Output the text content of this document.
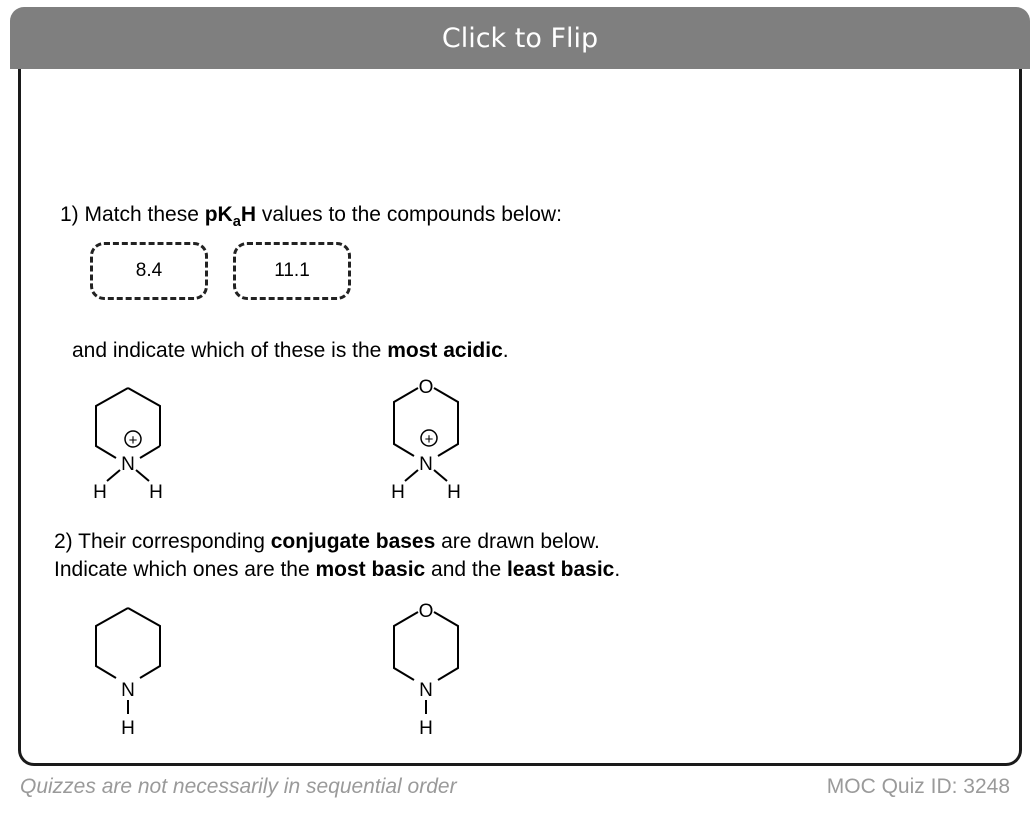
Click to Flip
1) Match these $pK_aH$ values to the compounds below:
8.4	11.1
and indicate which of these is the most acidic.
+
N
H H
O
+
N
H H
2) Their corresponding conjugate bases are drawn below.
Indicate which ones are the most basic and the least basic.
N
H
O
N
H
Quizzes are not necessarily in sequential order	MOC Quiz ID: 3248
